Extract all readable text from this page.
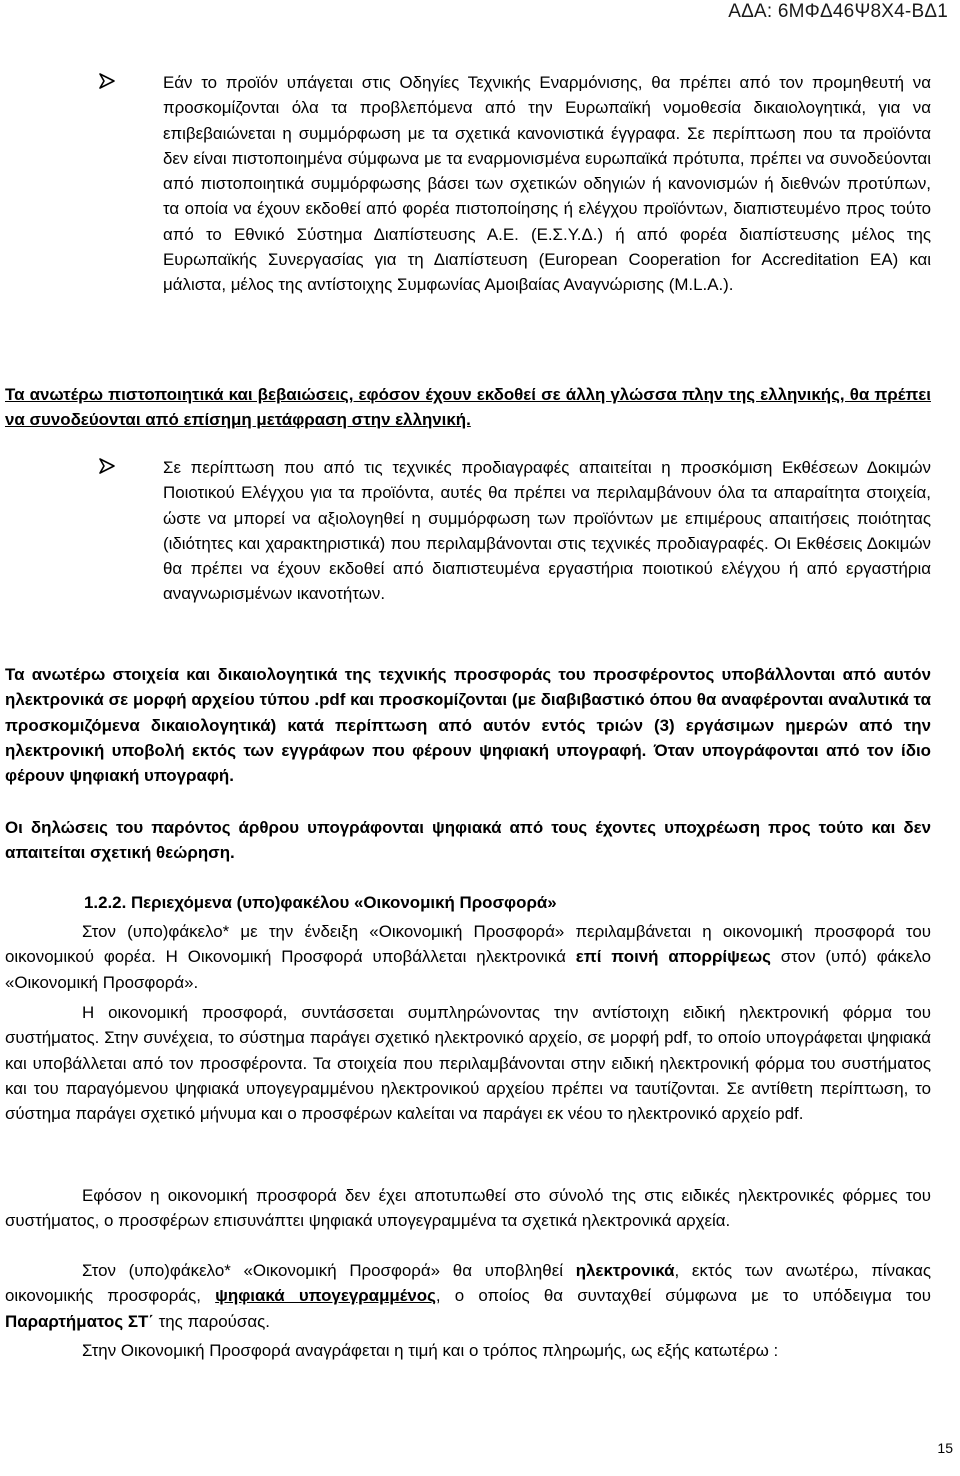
ΑΔΑ: 6ΜΦΔ46Ψ8Χ4-ΒΔ1

Εάν το προϊόν υπάγεται στις Οδηγίες Τεχνικής Εναρμόνισης, θα πρέπει από τον προμηθευτή να προσκομίζονται όλα τα προβλεπόμενα από την Ευρωπαϊκή νομοθεσία δικαιολογητικά, για να επιβεβαιώνεται η συμμόρφωση με τα σχετικά κανονιστικά έγγραφα. Σε περίπτωση που τα προϊόντα δεν είναι πιστοποιημένα σύμφωνα με τα εναρμονισμένα ευρωπαϊκά πρότυπα, πρέπει να συνοδεύονται από πιστοποιητικά συμμόρφωσης βάσει των σχετικών οδηγιών ή κανονισμών ή διεθνών προτύπων, τα οποία να έχουν εκδοθεί από φορέα πιστοποίησης ή ελέγχου προϊόντων, διαπιστευμένο προς τούτο από το Εθνικό Σύστημα Διαπίστευσης Α.Ε. (Ε.Σ.Υ.Δ.) ή από φορέα διαπίστευσης μέλος της Ευρωπαϊκής Συνεργασίας για τη Διαπίστευση (European Cooperation for Accreditation EA) και μάλιστα, μέλος της αντίστοιχης Συμφωνίας Αμοιβαίας Αναγνώρισης (M.L.A.).

Τα ανωτέρω πιστοποιητικά και βεβαιώσεις, εφόσον έχουν εκδοθεί σε άλλη γλώσσα πλην της ελληνικής, θα πρέπει να συνοδεύονται από επίσημη μετάφραση στην ελληνική.

Σε περίπτωση που από τις τεχνικές προδιαγραφές απαιτείται η προσκόμιση Εκθέσεων Δοκιμών Ποιοτικού Ελέγχου για τα προϊόντα, αυτές θα πρέπει να περιλαμβάνουν όλα τα απαραίτητα στοιχεία, ώστε να μπορεί να αξιολογηθεί η συμμόρφωση των προϊόντων με επιμέρους απαιτήσεις ποιότητας (ιδιότητες και χαρακτηριστικά) που περιλαμβάνονται στις τεχνικές προδιαγραφές. Οι Εκθέσεις Δοκιμών θα πρέπει να έχουν εκδοθεί από διαπιστευμένα εργαστήρια ποιοτικού ελέγχου ή από εργαστήρια αναγνωρισμένων ικανοτήτων.

Τα ανωτέρω στοιχεία και δικαιολογητικά της τεχνικής προσφοράς του προσφέροντος υποβάλλονται από αυτόν ηλεκτρονικά σε μορφή αρχείου τύπου .pdf και προσκομίζονται (με διαβιβαστικό όπου θα αναφέρονται αναλυτικά τα προσκομιζόμενα δικαιολογητικά) κατά περίπτωση από αυτόν εντός τριών (3) εργάσιμων ημερών από την ηλεκτρονική υποβολή εκτός των εγγράφων που φέρουν ψηφιακή υπογραφή. Όταν υπογράφονται από τον ίδιο φέρουν ψηφιακή υπογραφή.

Οι δηλώσεις του παρόντος άρθρου υπογράφονται ψηφιακά από τους έχοντες υποχρέωση προς τούτο και δεν απαιτείται σχετική θεώρηση.

1.2.2. Περιεχόμενα (υπο)φακέλου «Οικονομική Προσφορά»

Στον (υπο)φάκελο* με την ένδειξη «Οικονομική Προσφορά» περιλαμβάνεται η οικονομική προσφορά του οικονομικού φορέα. Η Οικονομική Προσφορά υποβάλλεται ηλεκτρονικά επί ποινή απορρίψεως στον (υπό) φάκελο «Οικονομική Προσφορά».

Η οικονομική προσφορά, συντάσσεται συμπληρώνοντας την αντίστοιχη ειδική ηλεκτρονική φόρμα του συστήματος. Στην συνέχεια, το σύστημα παράγει σχετικό ηλεκτρονικό αρχείο, σε μορφή pdf, το οποίο υπογράφεται ψηφιακά και υποβάλλεται από τον προσφέροντα. Τα στοιχεία που περιλαμβάνονται στην ειδική ηλεκτρονική φόρμα του συστήματος και του παραγόμενου ψηφιακά υπογεγραμμένου ηλεκτρονικού αρχείου πρέπει να ταυτίζονται. Σε αντίθετη περίπτωση, το σύστημα παράγει σχετικό μήνυμα και ο προσφέρων καλείται να παράγει εκ νέου το ηλεκτρονικό αρχείο pdf.

Εφόσον η οικονομική προσφορά δεν έχει αποτυπωθεί στο σύνολό της στις ειδικές ηλεκτρονικές φόρμες του συστήματος, ο προσφέρων επισυνάπτει ψηφιακά υπογεγραμμένα τα σχετικά ηλεκτρονικά αρχεία.

Στον (υπο)φάκελο* «Οικονομική Προσφορά» θα υποβληθεί ηλεκτρονικά, εκτός των ανωτέρω, πίνακας οικονομικής προσφοράς, ψηφιακά υπογεγραμμένος, ο οποίος θα συνταχθεί σύμφωνα με το υπόδειγμα του Παραρτήματος ΣΤ΄ της παρούσας.

Στην Οικονομική Προσφορά αναγράφεται η τιμή και ο τρόπος πληρωμής, ως εξής κατωτέρω :

15
